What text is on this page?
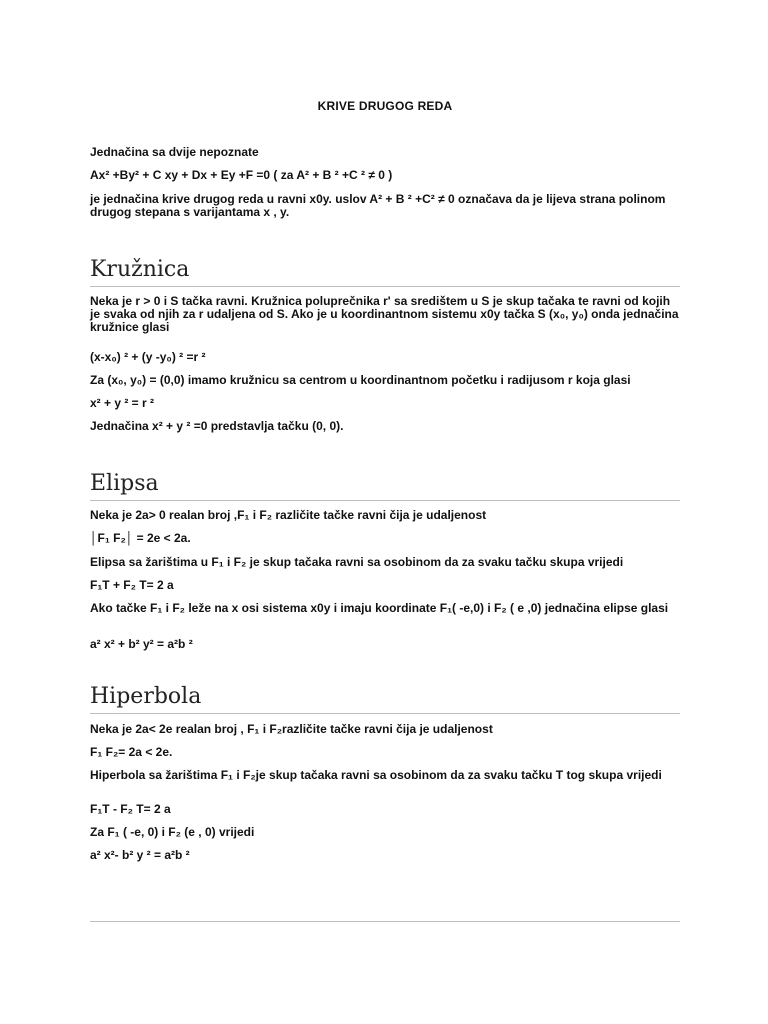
KRIVE DRUGOG REDA
Jednačina sa dvije nepoznate
Ax² +By² + C xy + Dx + Ey +F =0 ( za A² + B ² +C ² ≠ 0 )
je jednačina krive drugog reda u ravni x0y. uslov A² + B ² +C² ≠ 0 označava da je lijeva strana polinom drugog stepana s varijantama x , y.
Kružnica
Neka je r > 0 i S tačka ravni. Kružnica poluprečnika r' sa središtem u S je skup tačaka te ravni od kojih je svaka od njih za r udaljena od S. Ako je u koordinantnom sistemu x0y tačka S (x₀, y₀) onda jednačina kružnice glasi
(x-x₀) ² + (y -y₀) ² =r ²
Za (x₀, y₀) = (0,0) imamo kružnicu sa centrom u koordinantnom početku i radijusom r koja glasi
x² + y ² = r ²
Jednačina x² + y ² =0 predstavlja tačku (0, 0).
Elipsa
Neka je 2a> 0 realan broj ,F₁ i F₂ različite tačke ravni čija je udaljenost
│F₁ F₂│ = 2e < 2a.
Elipsa sa žarištima u F₁ i F₂ je skup tačaka ravni sa osobinom da za svaku tačku skupa vrijedi
F₁T + F₂ T= 2 a
Ako tačke F₁ i F₂ leže na x osi sistema x0y i imaju koordinate F₁( -e,0) i F₂ ( e ,0) jednačina elipse glasi
a² x² + b² y² = a²b ²
Hiperbola
Neka je 2a< 2e realan broj , F₁ i F₂različite tačke ravni čija je udaljenost
F₁ F₂= 2a < 2e.
Hiperbola sa žarištima F₁ i F₂je skup tačaka ravni sa osobinom da za svaku tačku T tog skupa vrijedi
F₁T - F₂ T= 2 a
Za F₁ ( -e, 0) i F₂ (e , 0) vrijedi
a² x²- b² y ² = a²b ²
